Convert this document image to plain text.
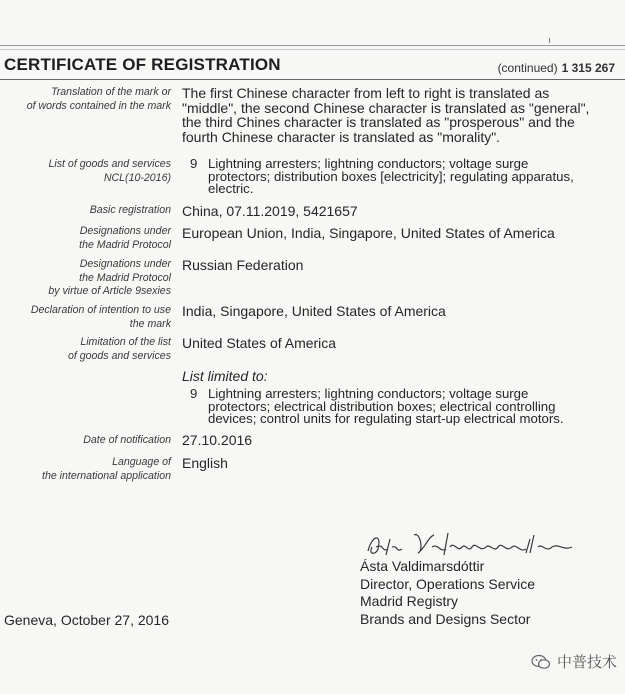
CERTIFICATE OF REGISTRATION	(continued) 1 315 267
Translation of the mark or
of words contained in the mark
The first Chinese character from left to right is translated as
"middle", the second Chinese character is translated as "general",
the third Chines character is translated as "prosperous" and the
fourth Chinese character is translated as "morality".
List of goods and services
NCL(10-2016)
9 Lightning arresters; lightning conductors; voltage surge
protectors; distribution boxes [electricity]; regulating apparatus,
electric.
Basic registration China, 07.11.2019, 5421657
Designations under
the Madrid Protocol
European Union, India, Singapore, United States of America
Designations under
the Madrid Protocol
by virtue of Article 9sexies
Russian Federation
Declaration of intention to use
the mark
India, Singapore, United States of America
Limitation of the list
of goods and services
United States of America
List limited to:
9 Lightning arresters; lightning conductors; voltage surge
protectors; electrical distribution boxes; electrical controlling
devices; control units for regulating start-up electrical motors.
Date of notification 27.10.2016
Language of
the international application
English
Ásta Valdimarsdóttir
Director, Operations Service
Madrid Registry
Brands and Designs Sector
Geneva, October 27, 2016
中普技术
